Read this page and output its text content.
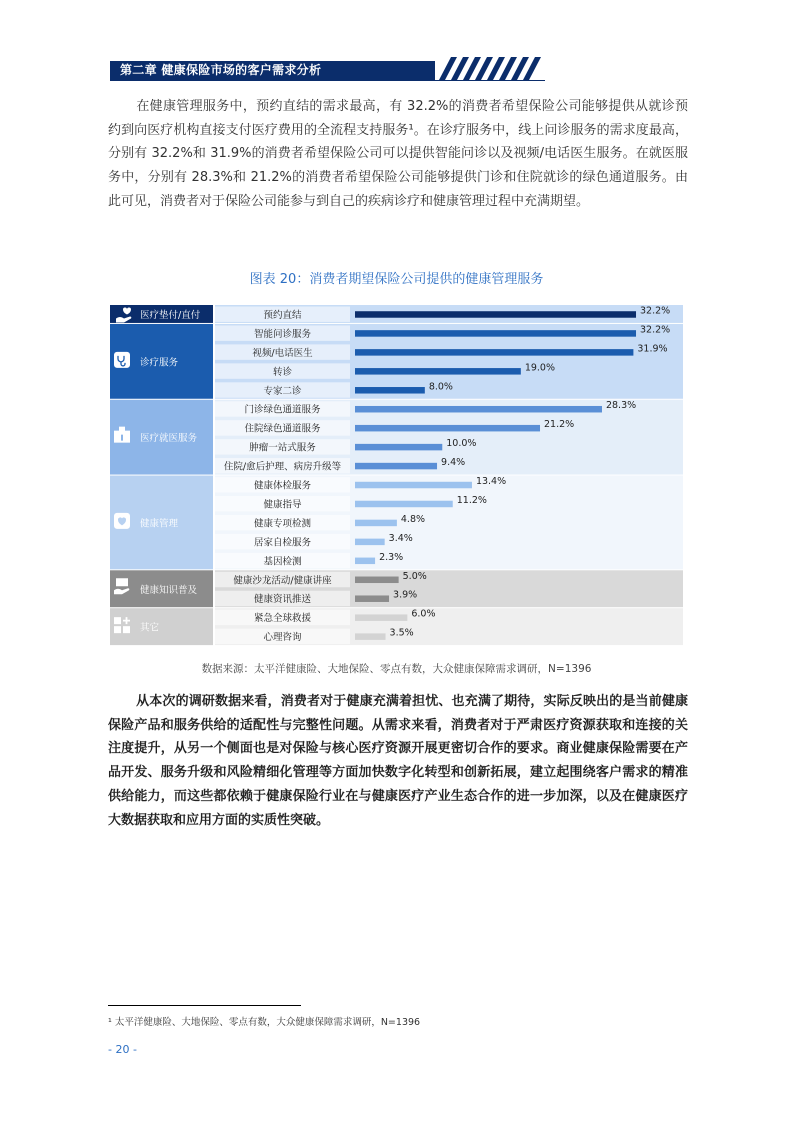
第二章 健康保险市场的客户需求分析
在健康管理服务中，预约直结的需求最高，有 32.2%的消费者希望保险公司能够提供从就诊预约到向医疗机构直接支付医疗费用的全流程支持服务¹。在诊疗服务中，线上问诊服务的需求度最高，分别有 32.2%和 31.9%的消费者希望保险公司可以提供智能问诊以及视频/电话医生服务。在就医服务中，分别有 28.3%和 21.2%的消费者希望保险公司能够提供门诊和住院就诊的绿色通道服务。由此可见，消费者对于保险公司能参与到自己的疾病诊疗和健康管理过程中充满期望。
图表 20：消费者期望保险公司提供的健康管理服务
医疗垫付/直付	预约直结	32.2%
诊疗服务
智能问诊服务	32.2%
视频/电话医生	31.9%
转诊	19.0%
专家二诊	8.0%
医疗就医服务
门诊绿色通道服务	28.3%
住院绿色通道服务	21.2%
肿瘤一站式服务	10.0%
住院/愈后护理、病房升级等	9.4%
健康管理
健康体检服务	13.4%
健康指导	11.2%
健康专项检测	4.8%
居家自检服务	3.4%
基因检测	2.3%
健康知识普及
健康沙龙活动/健康讲座	5.0%
健康资讯推送	3.9%
其它
紧急全球救援	6.0%
心理咨询	3.5%
数据来源：太平洋健康险、大地保险、零点有数，大众健康保障需求调研，N=1396
从本次的调研数据来看，消费者对于健康充满着担忧、也充满了期待，实际反映出的是当前健康保险产品和服务供给的适配性与完整性问题。从需求来看，消费者对于严肃医疗资源获取和连接的关注度提升，从另一个侧面也是对保险与核心医疗资源开展更密切合作的要求。商业健康保险需要在产品开发、服务升级和风险精细化管理等方面加快数字化转型和创新拓展，建立起围绕客户需求的精准供给能力，而这些都依赖于健康保险行业在与健康医疗产业生态合作的进一步加深，以及在健康医疗大数据获取和应用方面的实质性突破。
¹ 太平洋健康险、大地保险、零点有数，大众健康保障需求调研，N=1396
- 20 -
